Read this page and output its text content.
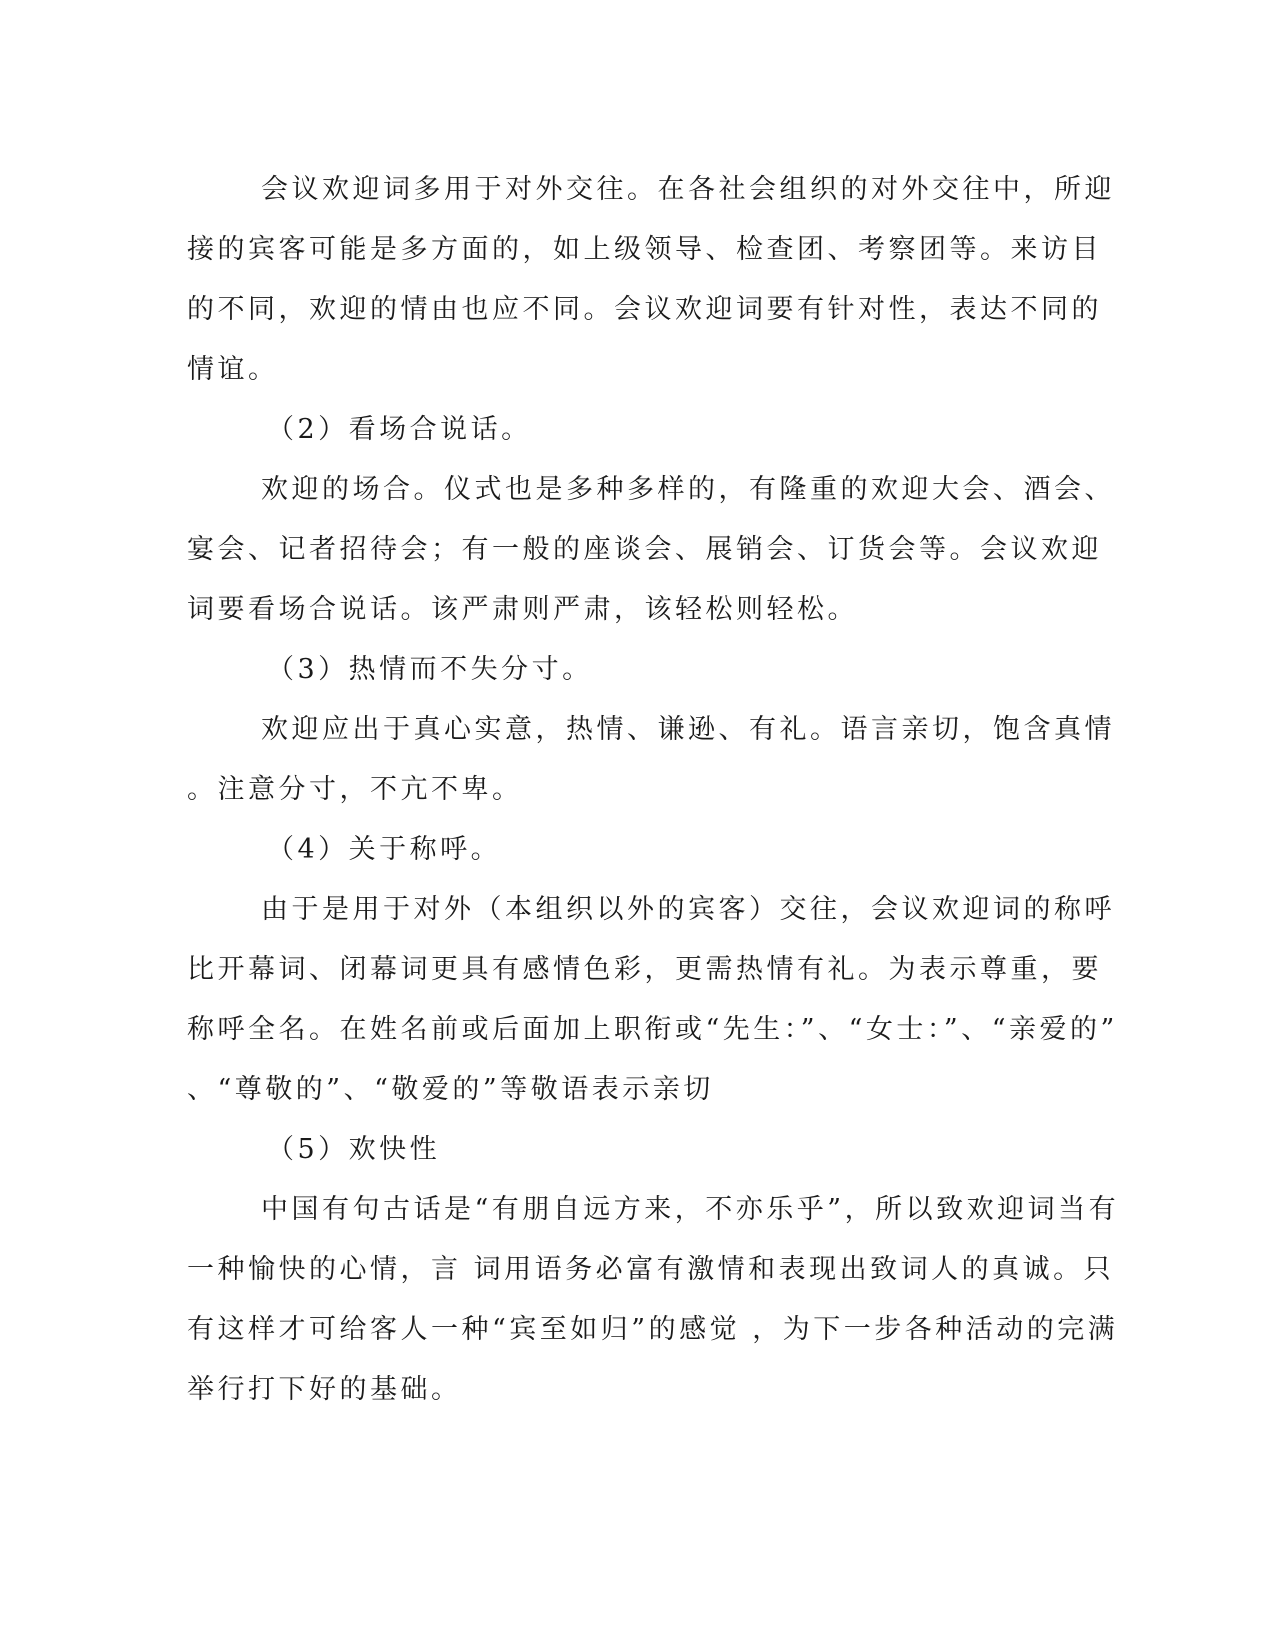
会议欢迎词多用于对外交往。在各社会组织的对外交往中，所迎
接的宾客可能是多方面的，如上级领导、检查团、考察团等。来访目
的不同，欢迎的情由也应不同。会议欢迎词要有针对性，表达不同的
情谊。
（2）看场合说话。
欢迎的场合。仪式也是多种多样的，有隆重的欢迎大会、酒会、
宴会、记者招待会；有一般的座谈会、展销会、订货会等。会议欢迎
词要看场合说话。该严肃则严肃，该轻松则轻松。
（3）热情而不失分寸。
欢迎应出于真心实意，热情、谦逊、有礼。语言亲切，饱含真情
。注意分寸，不亢不卑。
（4）关于称呼。
由于是用于对外（本组织以外的宾客）交往，会议欢迎词的称呼
比开幕词、闭幕词更具有感情色彩，更需热情有礼。为表示尊重，要
称呼全名。在姓名前或后面加上职衔或“先生：”、“女士：”、“亲爱的”
、“尊敬的”、“敬爱的”等敬语表示亲切
（5）欢快性
中国有句古话是“有朋自远方来，不亦乐乎”，所以致欢迎词当有
一种愉快的心情，言 词用语务必富有激情和表现出致词人的真诚。只
有这样才可给客人一种“宾至如归”的感觉 ，为下一步各种活动的完满
举行打下好的基础。
